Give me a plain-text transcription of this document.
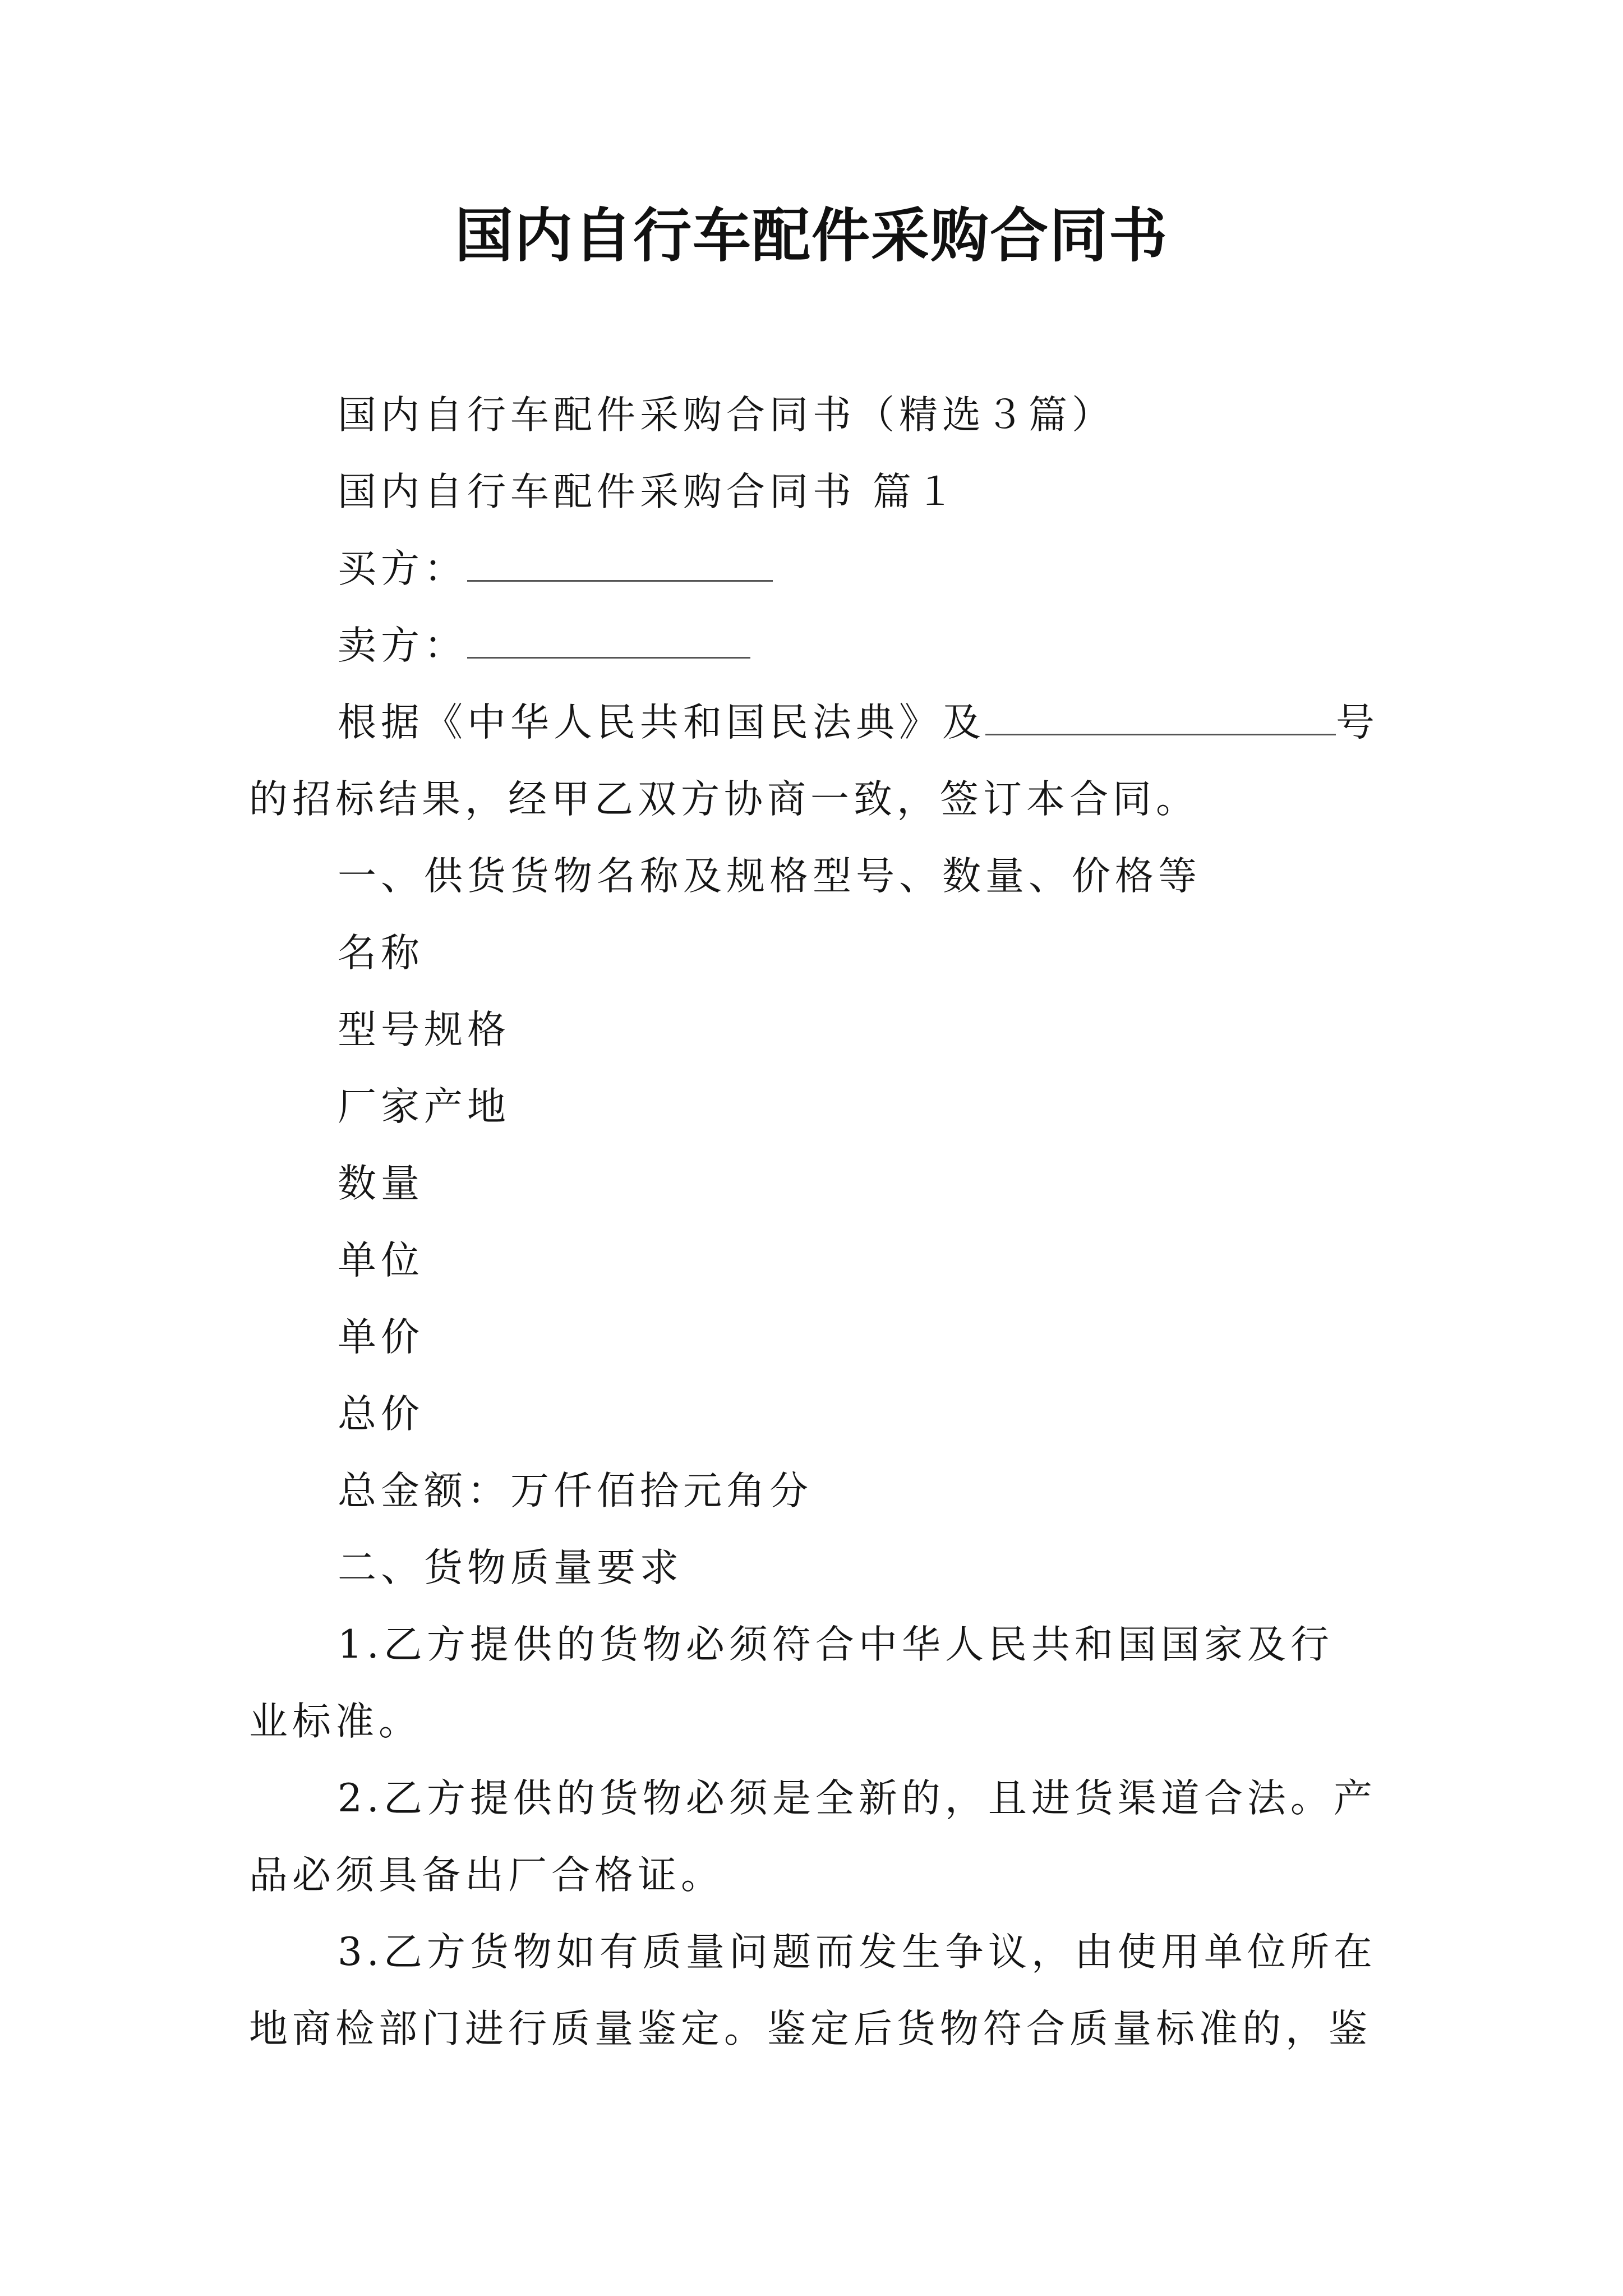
国内自行车配件采购合同书
国内自行车配件采购合同书（精选３篇）
国内自行车配件采购合同书 篇１
买方：
卖方：
根据《中华人民共和国民法典》及	号
的招标结果，经甲乙双方协商一致，签订本合同。
一、供货货物名称及规格型号、数量、价格等
名称
型号规格
厂家产地
数量
单位
单价
总价
总金额：万仟佰拾元角分
二、货物质量要求
1.乙方提供的货物必须符合中华人民共和国国家及行
业标准。
2.乙方提供的货物必须是全新的，且进货渠道合法。产
品必须具备出厂合格证。
3.乙方货物如有质量问题而发生争议，由使用单位所在
地商检部门进行质量鉴定。鉴定后货物符合质量标准的，鉴
